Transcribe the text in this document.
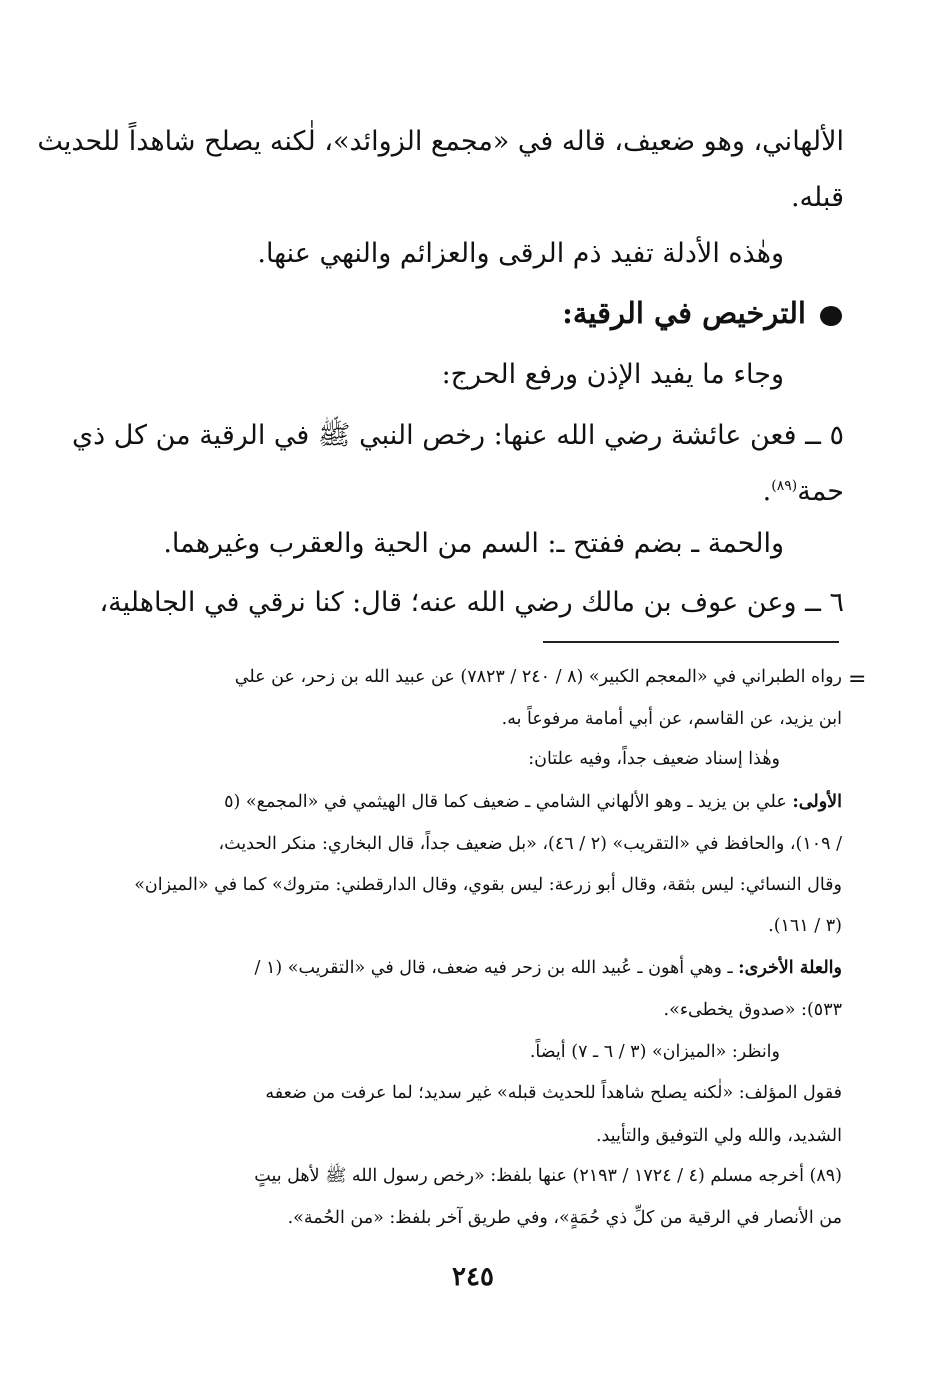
الألهاني، وهو ضعيف، قاله في «مجمع الزوائد»، لٰكنه يصلح شاهداً للحديث
قبله.
وهٰذه الأدلة تفيد ذم الرقى والعزائم والنهي عنها.
الترخيص في الرقية:
وجاء ما يفيد الإذن ورفع الحرج:
٥ ــ فعن عائشة رضي الله عنها: رخص النبي ﷺ في الرقية من كل ذي
حمة$^{(٨٩)}$.
والحمة ـ بضم ففتح ـ: السم من الحية والعقرب وغيرهما.
٦ ــ وعن عوف بن مالك رضي الله عنه؛ قال: كنا نرقي في الجاهلية،
=
رواه الطبراني في «المعجم الكبير» (٨ / ٢٤٠ / ٧٨٢٣) عن عبيد الله بن زحر، عن علي
ابن يزيد، عن القاسم، عن أبي أمامة مرفوعاً به.
وهٰذا إسناد ضعيف جداً، وفيه علتان:
الأولى: علي بن يزيد ـ وهو الألهاني الشامي ـ ضعيف كما قال الهيثمي في «المجمع» (٥
/ ١٠٩)، والحافظ في «التقريب» (٢ / ٤٦)، «بل ضعيف جداً، قال البخاري: منكر الحديث،
وقال النسائي: ليس بثقة، وقال أبو زرعة: ليس بقوي، وقال الدارقطني: متروك» كما في «الميزان»
(٣ / ١٦١).
والعلة الأخرى: ـ وهي أهون ـ عُبيد الله بن زحر فيه ضعف، قال في «التقريب» (١ /
٥٣٣): «صدوق يخطىء».
وانظر: «الميزان» (٣ / ٦ ـ ٧) أيضاً.
فقول المؤلف: «لٰكنه يصلح شاهداً للحديث قبله» غير سديد؛ لما عرفت من ضعفه
الشديد، والله ولي التوفيق والتأييد.
(٨٩) أخرجه مسلم (٤ / ١٧٢٤ / ٢١٩٣) عنها بلفظ: «رخص رسول الله ﷺ لأهل بيتٍ
من الأنصار في الرقية من كلِّ ذي حُمَةٍ»، وفي طريق آخر بلفظ: «من الحُمة».
٢٤٥
